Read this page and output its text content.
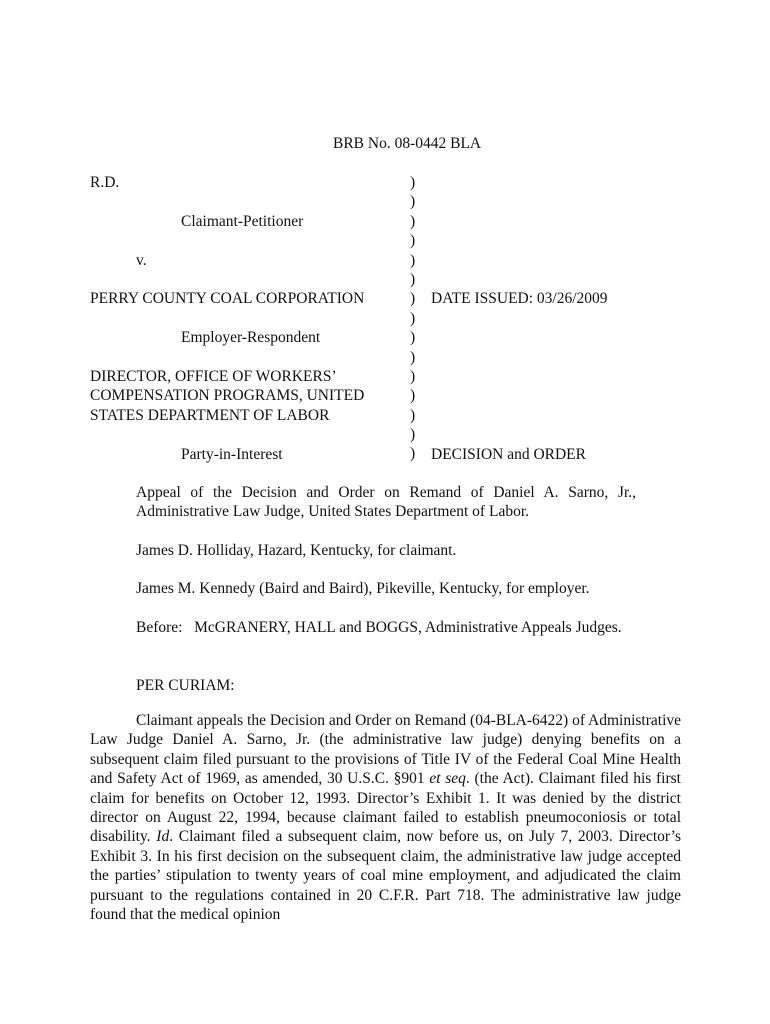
BRB No. 08-0442 BLA
R.D.
Claimant-Petitioner
v.
PERRY COUNTY COAL CORPORATION
Employer-Respondent
DIRECTOR, OFFICE OF WORKERS’
COMPENSATION PROGRAMS, UNITED
STATES DEPARTMENT OF LABOR
Party-in-Interest
)
)
)
)
)
)
)
)
)
)
)
)
)
)
)
DATE ISSUED: 03/26/2009
DECISION and ORDER
Appeal of the Decision and Order on Remand of Daniel A. Sarno, Jr., Administrative Law Judge, United States Department of Labor.
James D. Holliday, Hazard, Kentucky, for claimant.
James M. Kennedy (Baird and Baird), Pikeville, Kentucky, for employer.
Before:   McGRANERY, HALL and BOGGS, Administrative Appeals Judges.
PER CURIAM:

Claimant appeals the Decision and Order on Remand (04-BLA-6422) of Administrative Law Judge Daniel A. Sarno, Jr. (the administrative law judge) denying benefits on a subsequent claim filed pursuant to the provisions of Title IV of the Federal Coal Mine Health and Safety Act of 1969, as amended, 30 U.S.C. §901 et seq. (the Act). Claimant filed his first claim for benefits on October 12, 1993. Director’s Exhibit 1. It was denied by the district director on August 22, 1994, because claimant failed to establish pneumoconiosis or total disability. Id. Claimant filed a subsequent claim, now before us, on July 7, 2003. Director’s Exhibit 3. In his first decision on the subsequent claim, the administrative law judge accepted the parties’ stipulation to twenty years of coal mine employment, and adjudicated the claim pursuant to the regulations contained in 20 C.F.R. Part 718. The administrative law judge found that the medical opinion
